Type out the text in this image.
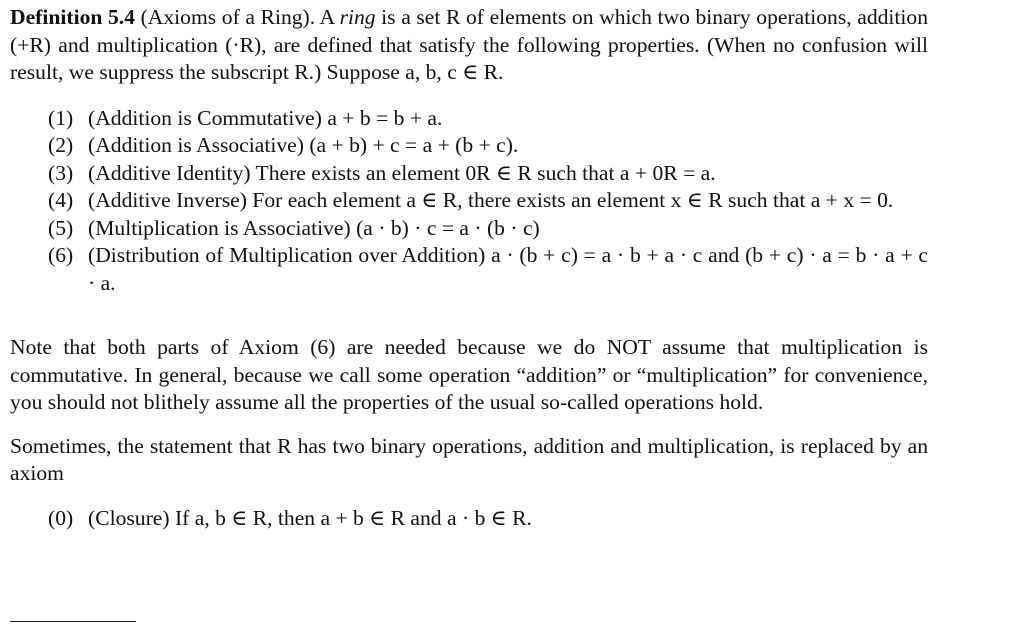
Definition 5.4 (Axioms of a Ring). A ring is a set R of elements on which two binary operations, addition (+R) and multiplication (·R), are defined that satisfy the following properties. (When no confusion will result, we suppress the subscript R.) Suppose a, b, c ∈ R.

(1) (Addition is Commutative) a + b = b + a.
(2) (Addition is Associative) (a + b) + c = a + (b + c).
(3) (Additive Identity) There exists an element 0R ∈ R such that a + 0R = a.
(4) (Additive Inverse) For each element a ∈ R, there exists an element x ∈ R such that a + x = 0.
(5) (Multiplication is Associative) (a · b) · c = a · (b · c)
(6) (Distribution of Multiplication over Addition) a · (b + c) = a · b + a · c and (b + c) · a = b · a + c · a.

Note that both parts of Axiom (6) are needed because we do NOT assume that multiplication is commutative. In general, because we call some operation “addition” or “multiplication” for convenience, you should not blithely assume all the properties of the usual so-called operations hold.

Sometimes, the statement that R has two binary operations, addition and multiplication, is replaced by an axiom

(0) (Closure) If a, b ∈ R, then a + b ∈ R and a · b ∈ R.
